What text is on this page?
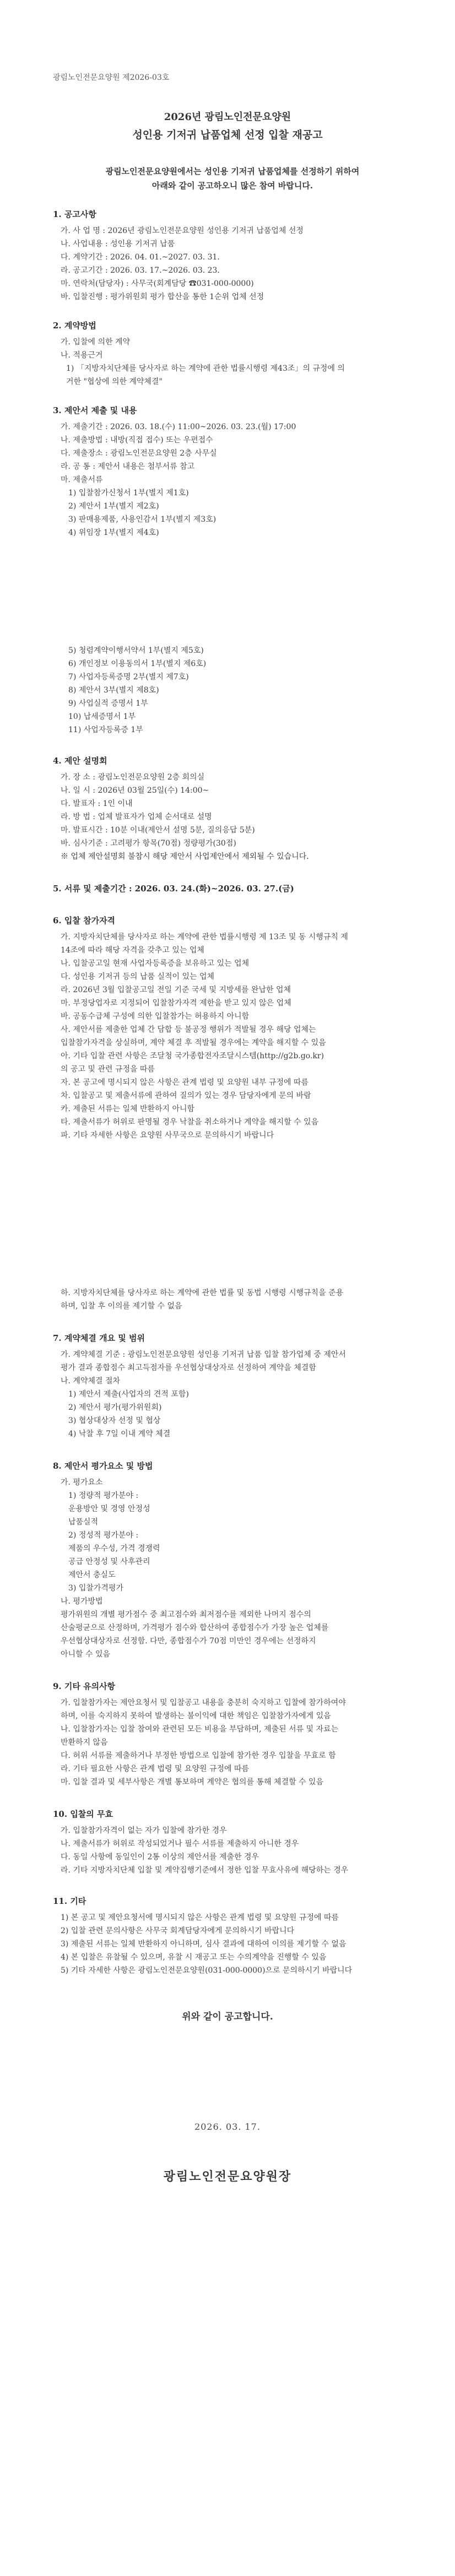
광림노인전문요양원 제2026-03호
2026년 광림노인전문요양원
성인용 기저귀 납품업체 선정 입찰 재공고
광림노인전문요양원에서는 성인용 기저귀 납품업체를 선정하기 위하여
아래와 같이 공고하오니 많은 참여 바랍니다.
1. 공고사항
가. 사 업 명 : 2026년 광림노인전문요양원 성인용 기저귀 납품업체 선정
나. 사업내용 : 성인용 기저귀 납품
다. 계약기간 : 2026. 04. 01.~2027. 03. 31.
라. 공고기간 : 2026. 03. 17.~2026. 03. 23.
마. 연락처(담당자) : 사무국(회계담당 ☎031-000-0000)
바. 입찰진행 : 평가위원회 평가 합산을 통한 1순위 업체 선정
2. 계약방법
가. 입찰에 의한 계약
나. 적용근거
1) 「지방자치단체를 당사자로 하는 계약에 관한 법률시행령 제43조」의 규정에 의
거한 "협상에 의한 계약체결"
3. 제안서 제출 및 내용
가. 제출기간 : 2026. 03. 18.(수) 11:00~2026. 03. 23.(월) 17:00
나. 제출방법 : 내방(직접 접수) 또는 우편접수
다. 제출장소 : 광림노인전문요양원 2층 사무실
라. 공 통 : 제안서 내용은 첨부서류 참고
마. 제출서류
1) 입찰참가신청서 1부(별지 제1호)
2) 제안서 1부(별지 제2호)
3) 판매용제품, 사용인감서 1부(별지 제3호)
4) 위임장 1부(별지 제4호)
5) 청렴계약이행서약서 1부(별지 제5호)
6) 개인정보 이용동의서 1부(별지 제6호)
7) 사업자등록증명 2부(별지 제7호)
8) 제안서 3부(별지 제8호)
9) 사업실적 증명서 1부
10) 납세증명서 1부
11) 사업자등록증 1부
4. 제안 설명회
가. 장 소 : 광림노인전문요양원 2층 회의실
나. 일 시 : 2026년 03월 25일(수) 14:00~
다. 발표자 : 1인 이내
라. 방 법 : 업체 발표자가 업체 순서대로 설명
마. 발표시간 : 10분 이내(제안서 설명 5분, 질의응답 5분)
바. 심사기준 : 고려평가 항목(70점) 정량평가(30점)
※ 업체 제안설명회 불참시 해당 제안서 사업제안에서 제외될 수 있습니다.
5. 서류 및 제출기간 : 2026. 03. 24.(화)~2026. 03. 27.(금)
6. 입찰 참가자격
가. 지방자치단체를 당사자로 하는 계약에 관한 법률시행령 제 13조 및 동 시행규칙 제
14조에 따라 해당 자격을 갖추고 있는 업체
나. 입찰공고일 현재 사업자등록증을 보유하고 있는 업체
다. 성인용 기저귀 등의 납품 실적이 있는 업체
라. 2026년 3월 입찰공고일 전일 기준 국세 및 지방세를 완납한 업체
마. 부정당업자로 지정되어 입찰참가자격 제한을 받고 있지 않은 업체
바. 공동수급체 구성에 의한 입찰참가는 허용하지 아니함
사. 제안서를 제출한 업체 간 담합 등 불공정 행위가 적발될 경우 해당 업체는
입찰참가자격을 상실하며, 계약 체결 후 적발될 경우에는 계약을 해지할 수 있음
아. 기타 입찰 관련 사항은 조달청 국가종합전자조달시스템(http://g2b.go.kr)
의 공고 및 관련 규정을 따름
자. 본 공고에 명시되지 않은 사항은 관계 법령 및 요양원 내부 규정에 따름
차. 입찰공고 및 제출서류에 관하여 질의가 있는 경우 담당자에게 문의 바람
카. 제출된 서류는 일체 반환하지 아니함
타. 제출서류가 허위로 판명될 경우 낙찰을 취소하거나 계약을 해지할 수 있음
파. 기타 자세한 사항은 요양원 사무국으로 문의하시기 바랍니다
하. 지방자치단체를 당사자로 하는 계약에 관한 법률 및 동법 시행령 시행규칙을 준용
하며, 입찰 후 이의를 제기할 수 없음
7. 계약체결 개요 및 범위
가. 계약체결 기준 : 광림노인전문요양원 성인용 기저귀 납품 입찰 참가업체 중 제안서
평가 결과 종합점수 최고득점자를 우선협상대상자로 선정하여 계약을 체결함
나. 계약체결 절차
1) 제안서 제출(사업자의 견적 포함)
2) 제안서 평가(평가위원회)
3) 협상대상자 선정 및 협상
4) 낙찰 후 7일 이내 계약 체결
8. 제안서 평가요소 및 방법
가. 평가요소
1) 정량적 평가분야 :
운용방안 및 경영 안정성
납품실적
2) 정성적 평가분야 :
제품의 우수성, 가격 경쟁력
공급 안정성 및 사후관리
제안서 충실도
3) 입찰가격평가
나. 평가방법
평가위원의 개별 평가점수 중 최고점수와 최저점수를 제외한 나머지 점수의
산술평균으로 산정하며, 가격평가 점수와 합산하여 종합점수가 가장 높은 업체를
우선협상대상자로 선정함. 다만, 종합점수가 70점 미만인 경우에는 선정하지
아니할 수 있음
9. 기타 유의사항
가. 입찰참가자는 제안요청서 및 입찰공고 내용을 충분히 숙지하고 입찰에 참가하여야
하며, 이를 숙지하지 못하여 발생하는 불이익에 대한 책임은 입찰참가자에게 있음
나. 입찰참가자는 입찰 참여와 관련된 모든 비용을 부담하며, 제출된 서류 및 자료는
반환하지 않음
다. 허위 서류를 제출하거나 부정한 방법으로 입찰에 참가한 경우 입찰을 무효로 함
라. 기타 필요한 사항은 관계 법령 및 요양원 규정에 따름
마. 입찰 결과 및 세부사항은 개별 통보하며 계약은 협의를 통해 체결할 수 있음
10. 입찰의 무효
가. 입찰참가자격이 없는 자가 입찰에 참가한 경우
나. 제출서류가 허위로 작성되었거나 필수 서류를 제출하지 아니한 경우
다. 동일 사항에 동일인이 2통 이상의 제안서를 제출한 경우
라. 기타 지방자치단체 입찰 및 계약집행기준에서 정한 입찰 무효사유에 해당하는 경우
11. 기타
1) 본 공고 및 제안요청서에 명시되지 않은 사항은 관계 법령 및 요양원 규정에 따름
2) 입찰 관련 문의사항은 사무국 회계담당자에게 문의하시기 바랍니다
3) 제출된 서류는 일체 반환하지 아니하며, 심사 결과에 대하여 이의를 제기할 수 없음
4) 본 입찰은 유찰될 수 있으며, 유찰 시 재공고 또는 수의계약을 진행할 수 있음
5) 기타 자세한 사항은 광림노인전문요양원(031-000-0000)으로 문의하시기 바랍니다
위와 같이 공고합니다.
2026. 03. 17.
광림노인전문요양원장
